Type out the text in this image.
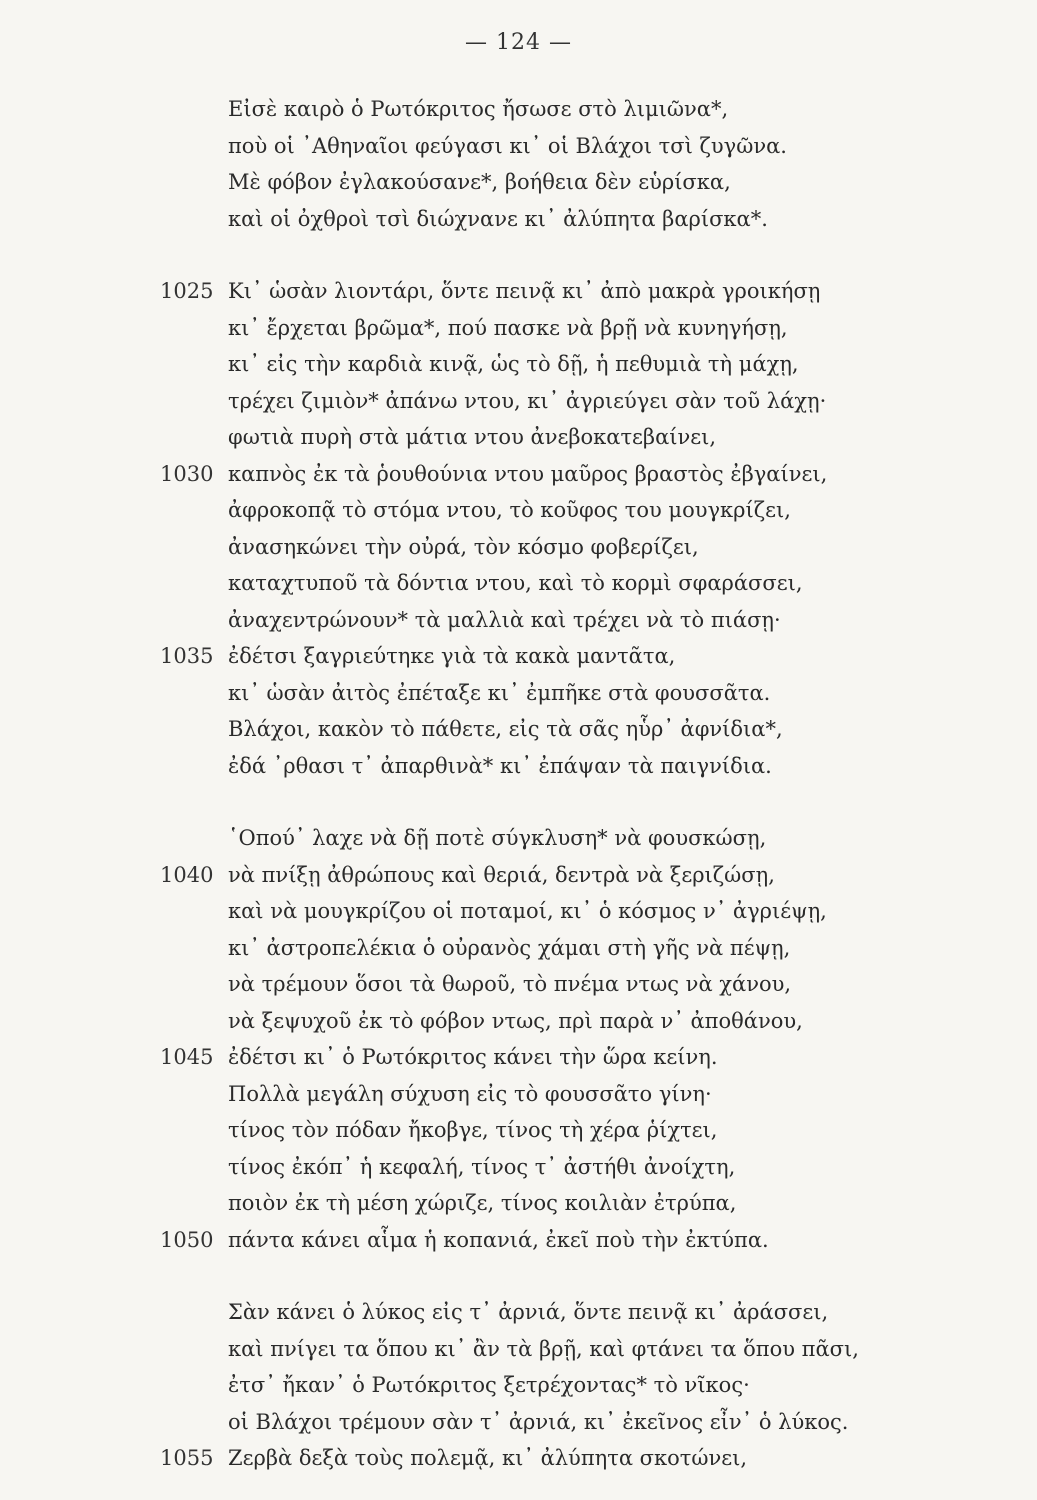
— 124 —
Εἰσὲ καιρὸ ὁ Ρωτόκριτος ἤσωσε στὸ λιμιῶνα*,
ποὺ οἱ ᾿Αθηναῖοι φεύγασι κι᾿ οἱ Βλάχοι τσὶ ζυγῶνα.
Μὲ φόβον ἐγλακούσανε*, βοήθεια δὲν εὑρίσκα,
καὶ οἱ ὀχθροὶ τσὶ διώχνανε κι᾿ ἀλύπητα βαρίσκα*.
Κι᾿ ὡσὰν λιοντάρι, ὅντε πεινᾷ κι᾿ ἀπὸ μακρὰ γροικήσῃ
1025
κι᾿ ἔρχεται βρῶμα*, πού πασκε νὰ βρῇ νὰ κυνηγήσῃ,
κι᾿ εἰς τὴν καρδιὰ κινᾷ, ὡς τὸ δῇ, ἡ πεθυμιὰ τὴ μάχῃ,
τρέχει ζιμιὸν* ἀπάνω ντου, κι᾿ ἀγριεύγει σὰν τοῦ λάχῃ·
φωτιὰ πυρὴ στὰ μάτια ντου ἀνεβοκατεβαίνει,
καπνὸς ἐκ τὰ ῥουθούνια ντου μαῦρος βραστὸς ἐβγαίνει,
1030
ἀφροκοπᾷ τὸ στόμα ντου, τὸ κοῦφος του μουγκρίζει,
ἀνασηκώνει τὴν οὐρά, τὸν κόσμο φοβερίζει,
καταχτυποῦ τὰ δόντια ντου, καὶ τὸ κορμὶ σφαράσσει,
ἀναχεντρώνουν* τὰ μαλλιὰ καὶ τρέχει νὰ τὸ πιάσῃ·
ἐδέτσι ξαγριεύτηκε γιὰ τὰ κακὰ μαντᾶτα,
1035
κι᾿ ὡσὰν ἀιτὸς ἐπέταξε κι᾿ ἐμπῆκε στὰ φουσσᾶτα.
Βλάχοι, κακὸν τὸ πάθετε, εἰς τὰ σᾶς ηὗρ᾿ ἀφνίδια*,
ἐδά ᾿ρθασι τ᾿ ἀπαρθινὰ* κι᾿ ἐπάψαν τὰ παιγνίδια.
῾Οπού᾿ λαχε νὰ δῇ ποτὲ σύγκλυση* νὰ φουσκώσῃ,
νὰ πνίξῃ ἀθρώπους καὶ θεριά, δεντρὰ νὰ ξεριζώσῃ,
1040
καὶ νὰ μουγκρίζου οἱ ποταμοί, κι᾿ ὁ κόσμος ν᾿ ἀγριέψῃ,
κι᾿ ἀστροπελέκια ὁ οὐρανὸς χάμαι στὴ γῆς νὰ πέψῃ,
νὰ τρέμουν ὅσοι τὰ θωροῦ, τὸ πνέμα ντως νὰ χάνου,
νὰ ξεψυχοῦ ἐκ τὸ φόβον ντως, πρὶ παρὰ ν᾿ ἀποθάνου,
ἐδέτσι κι᾿ ὁ Ρωτόκριτος κάνει τὴν ὥρα κείνη.
1045
Πολλὰ μεγάλη σύχυση εἰς τὸ φουσσᾶτο γίνη·
τίνος τὸν πόδαν ἤκοβγε, τίνος τὴ χέρα ῥίχτει,
τίνος ἐκόπ᾿ ἡ κεφαλή, τίνος τ᾿ ἀστήθι ἀνοίχτη,
ποιὸν ἐκ τὴ μέση χώριζε, τίνος κοιλιὰν ἐτρύπα,
πάντα κάνει αἷμα ἡ κοπανιά, ἐκεῖ ποὺ τὴν ἐκτύπα.
1050
Σὰν κάνει ὁ λύκος εἰς τ᾿ ἀρνιά, ὅντε πεινᾷ κι᾿ ἀράσσει,
καὶ πνίγει τα ὅπου κι᾿ ἂν τὰ βρῇ, καὶ φτάνει τα ὅπου πᾶσι,
ἐτσ᾿ ἤκαν᾿ ὁ Ρωτόκριτος ξετρέχοντας* τὸ νῖκος·
οἱ Βλάχοι τρέμουν σὰν τ᾿ ἀρνιά, κι᾿ ἐκεῖνος εἶν᾿ ὁ λύκος.
Ζερβὰ δεξὰ τοὺς πολεμᾷ, κι᾿ ἀλύπητα σκοτώνει,
1055
